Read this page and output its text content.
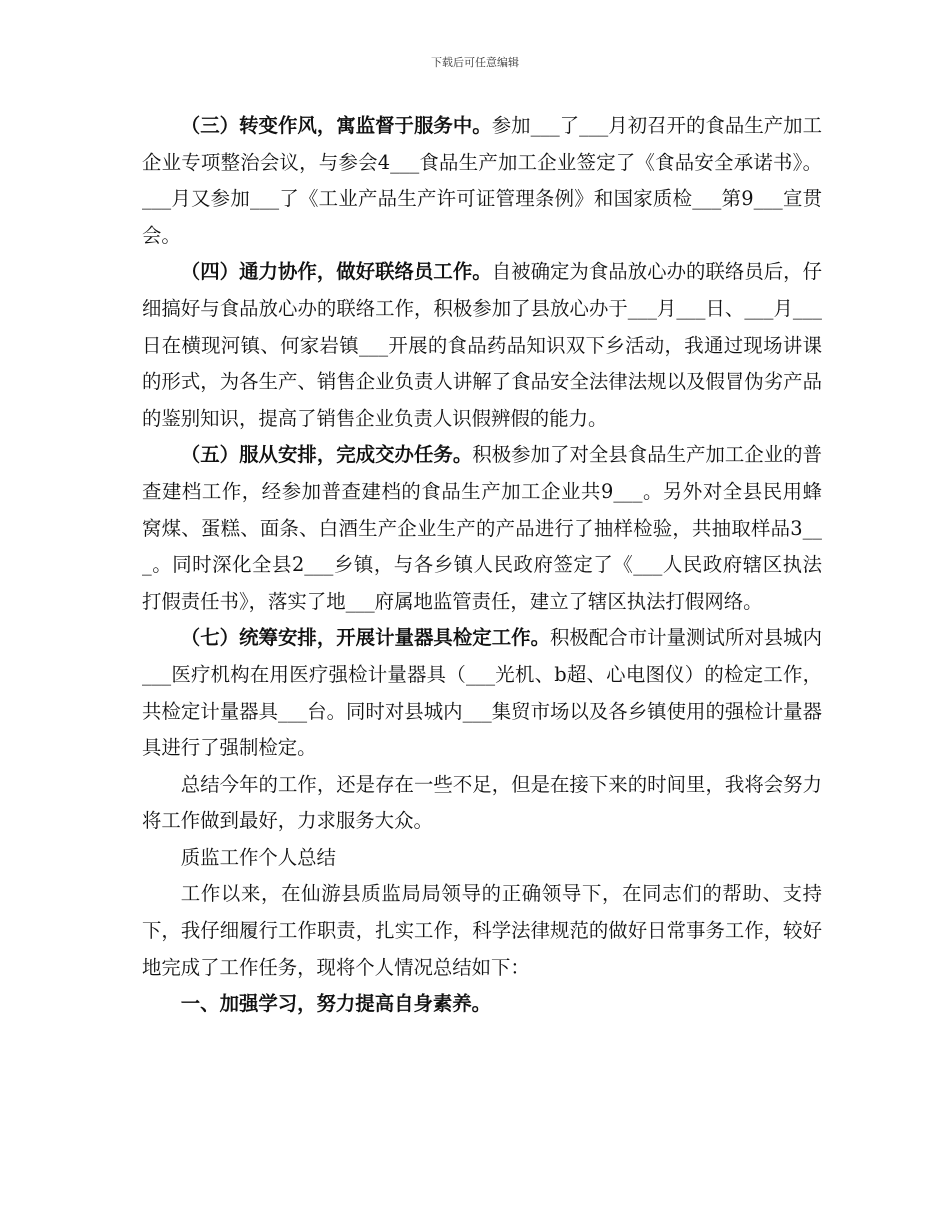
下载后可任意编辑

（三）转变作风，寓监督于服务中。参加___了___月初召开的食品生产加工企业专项整治会议，与参会4___食品生产加工企业签定了《食品安全承诺书》。___月又参加___了《工业产品生产许可证管理条例》和国家质检___第9___宣贯会。

（四）通力协作，做好联络员工作。自被确定为食品放心办的联络员后，仔细搞好与食品放心办的联络工作，积极参加了县放心办于___月___日、___月___日在横现河镇、何家岩镇___开展的食品药品知识双下乡活动，我通过现场讲课的形式，为各生产、销售企业负责人讲解了食品安全法律法规以及假冒伪劣产品的鉴别知识，提高了销售企业负责人识假辨假的能力。

（五）服从安排，完成交办任务。积极参加了对全县食品生产加工企业的普查建档工作，经参加普查建档的食品生产加工企业共9___。另外对全县民用蜂窝煤、蛋糕、面条、白酒生产企业生产的产品进行了抽样检验，共抽取样品3___。同时深化全县2___乡镇，与各乡镇人民政府签定了《___人民政府辖区执法打假责任书》，落实了地___府属地监管责任，建立了辖区执法打假网络。

（七）统筹安排，开展计量器具检定工作。积极配合市计量测试所对县城内___医疗机构在用医疗强检计量器具（___光机、b超、心电图仪）的检定工作，共检定计量器具___台。同时对县城内___集贸市场以及各乡镇使用的强检计量器具进行了强制检定。

总结今年的工作，还是存在一些不足，但是在接下来的时间里，我将会努力将工作做到最好，力求服务大众。

质监工作个人总结

工作以来，在仙游县质监局局领导的正确领导下，在同志们的帮助、支持下，我仔细履行工作职责，扎实工作，科学法律规范的做好日常事务工作，较好地完成了工作任务，现将个人情况总结如下：

一、加强学习，努力提高自身素养。
